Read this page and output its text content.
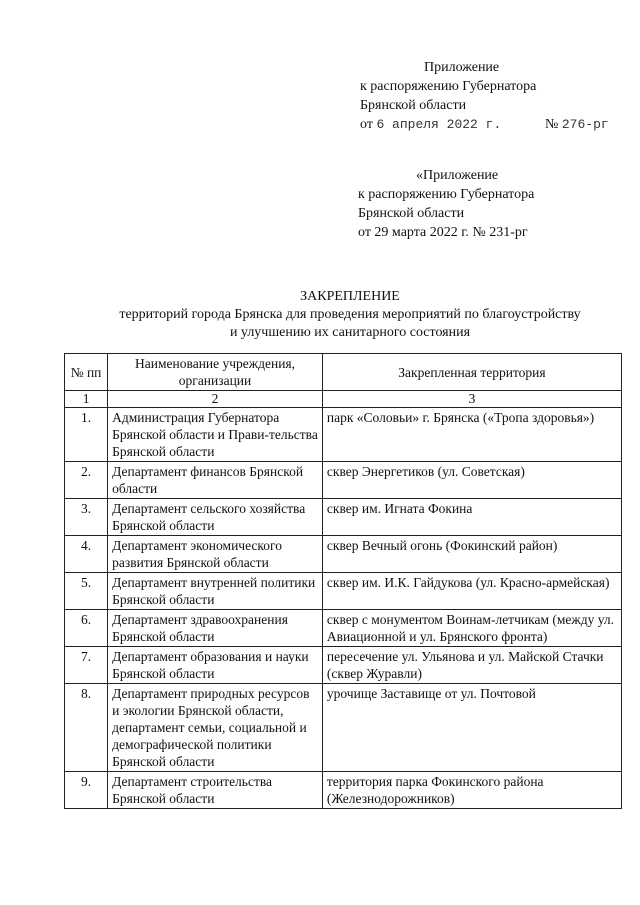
Приложение
к распоряжению Губернатора
Брянской области
от 6 апреля 2022 г.	№ 276-рг
«Приложение
к распоряжению Губернатора
Брянской области
от 29 марта 2022 г. № 231-рг
ЗАКРЕПЛЕНИЕ
территорий города Брянска для проведения мероприятий по благоустройству
и улучшению их санитарного состояния
№ пп	Наименование учреждения, организации	Закрепленная территория
1	2	3
1.	Администрация Губернатора Брянской области и Прави-тельства Брянской области	парк «Соловьи» г. Брянска («Тропа здоровья»)
2.	Департамент финансов Брянской области	сквер Энергетиков (ул. Советская)
3.	Департамент сельского хозяйства Брянской области	сквер им. Игната Фокина
4.	Департамент экономического развития Брянской области	сквер Вечный огонь (Фокинский район)
5.	Департамент внутренней политики Брянской области	сквер им. И.К. Гайдукова (ул. Красно-армейская)
6.	Департамент здравоохранения Брянской области	сквер с монументом Воинам-летчикам (между ул. Авиационной и ул. Брянского фронта)
7.	Департамент образования и науки Брянской области	пересечение ул. Ульянова и ул. Майской Стачки (сквер Журавли)
8.	Департамент природных ресурсов и экологии Брянской области, департамент семьи, социальной и демографической политики Брянской области	урочище Заставище от ул. Почтовой
9.	Департамент строительства Брянской области	территория парка Фокинского района (Железнодорожников)
